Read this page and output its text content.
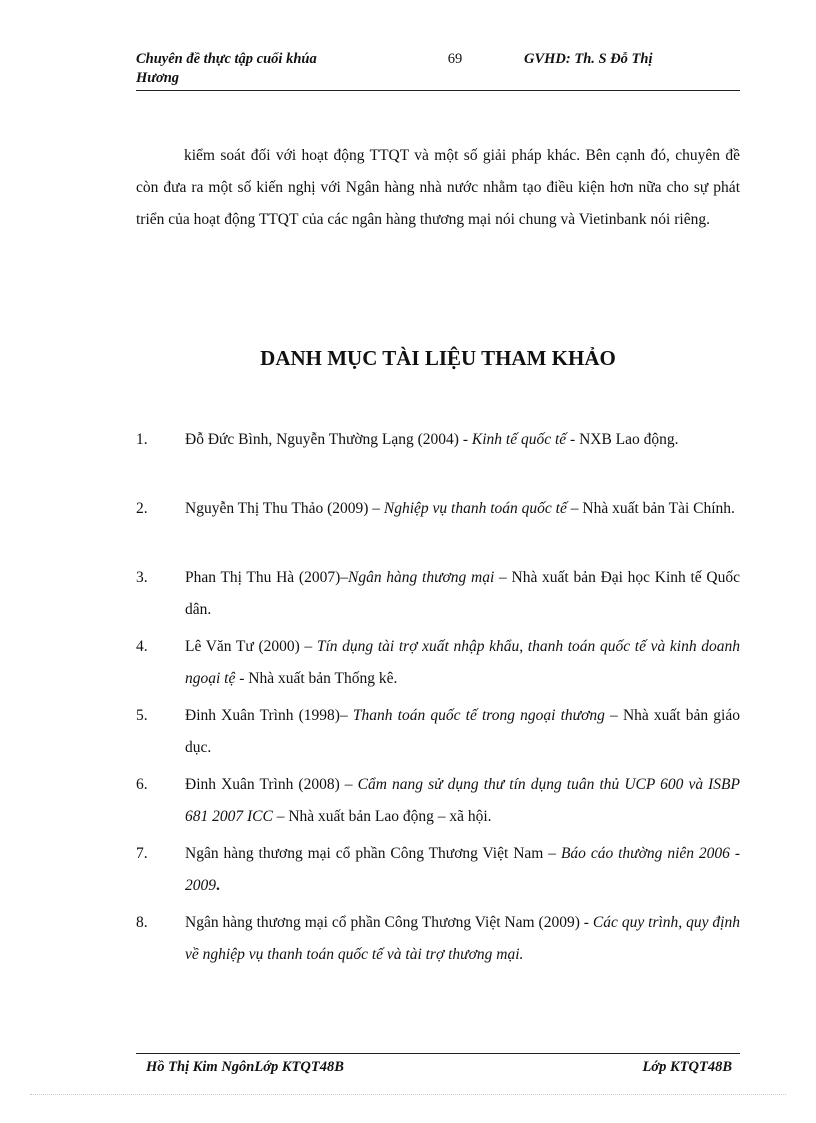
Chuyên đề thực tập cuối khúa
Hương
69	GVHD: Th. S Đỗ Thị

kiểm soát đối với hoạt động TTQT và một số giải pháp khác. Bên cạnh đó, chuyên đề còn đưa ra một số kiến nghị với Ngân hàng nhà nước nhằm tạo điều kiện hơn nữa cho sự phát triển của hoạt động TTQT của các ngân hàng thương mại nói chung và Vietinbank nói riêng.

DANH MỤC TÀI LIỆU THAM KHẢO
1. Đỗ Đức Bình, Nguyễn Thường Lạng (2004) - Kinh tế quốc tế - NXB Lao động.
2. Nguyễn Thị Thu Thảo (2009) – Nghiệp vụ thanh toán quốc tế – Nhà xuất bản Tài Chính.
3. Phan Thị Thu Hà (2007)–Ngân hàng thương mại – Nhà xuất bản Đại học Kinh tế Quốc dân.
4. Lê Văn Tư (2000) – Tín dụng tài trợ xuất nhập khẩu, thanh toán quốc tế và kinh doanh ngoại tệ - Nhà xuất bản Thống kê.
5. Đinh Xuân Trình (1998)– Thanh toán quốc tế trong ngoại thương – Nhà xuất bản giáo dục.
6. Đinh Xuân Trình (2008) – Cẩm nang sử dụng thư tín dụng tuân thủ UCP 600 và ISBP 681 2007 ICC – Nhà xuất bản Lao động – xã hội.
7. Ngân hàng thương mại cổ phần Công Thương Việt Nam – Báo cáo thường niên 2006 - 2009.
8. Ngân hàng thương mại cổ phần Công Thương Việt Nam (2009) - Các quy trình, quy định về nghiệp vụ thanh toán quốc tế và tài trợ thương mại.
Hồ Thị Kim NgônLớp KTQT48B	Lớp KTQT48B
